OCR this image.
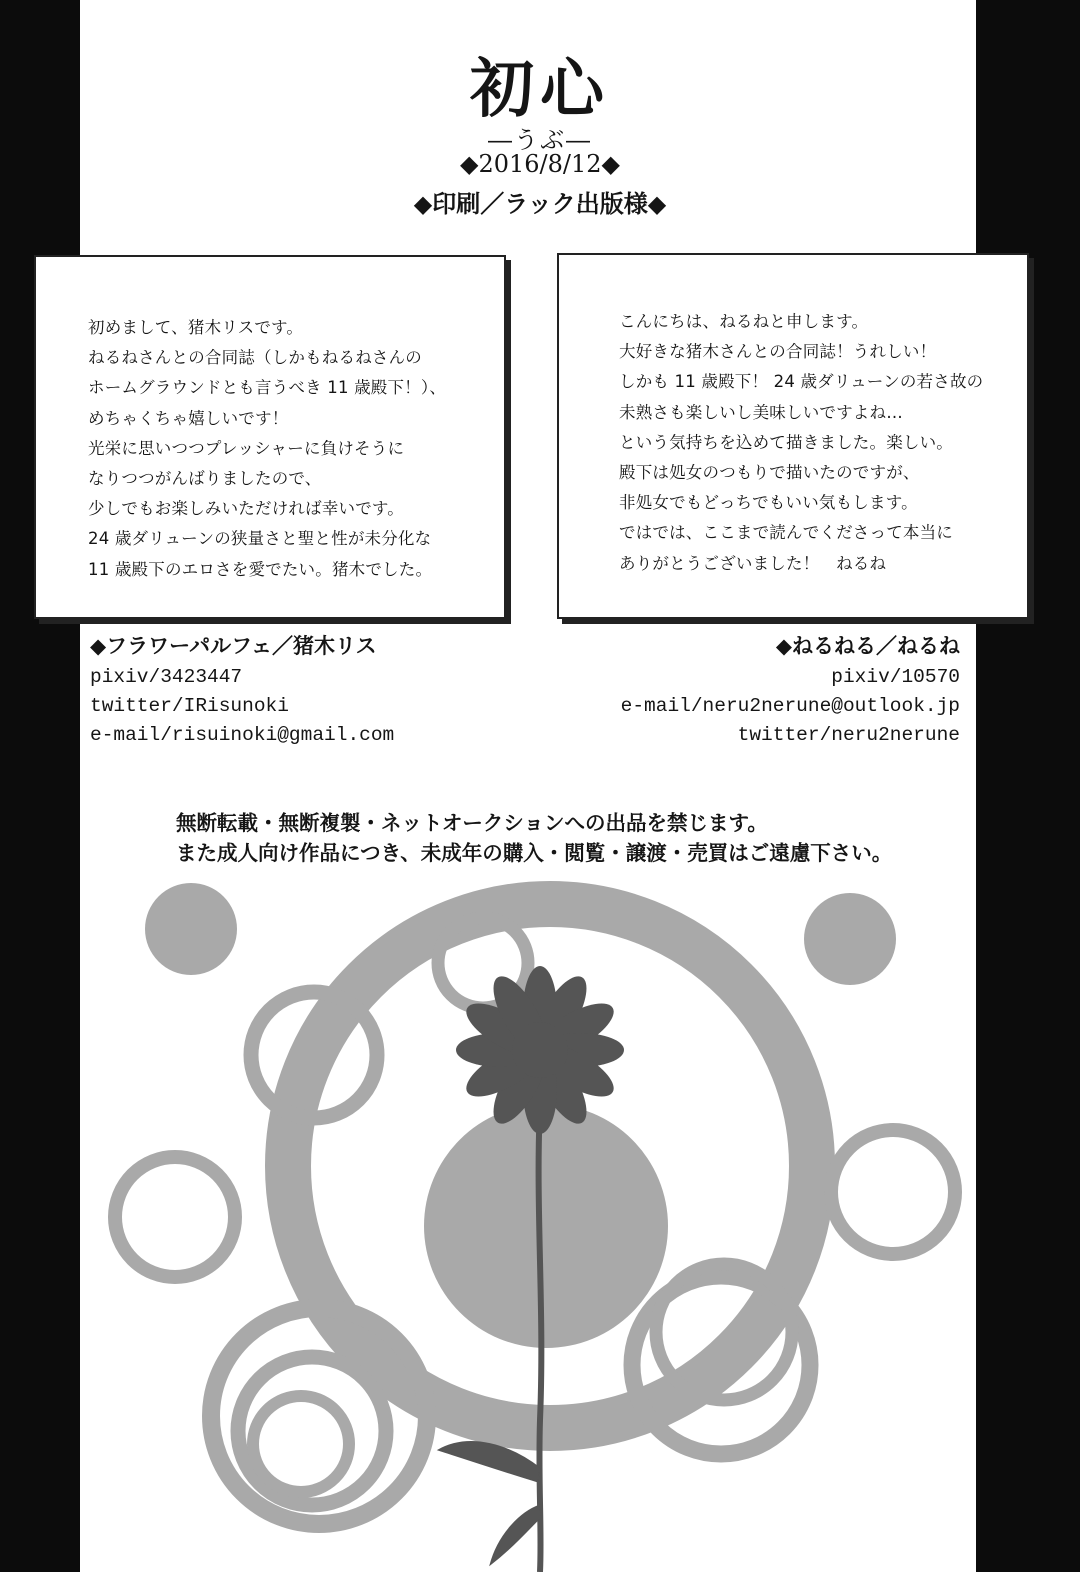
初心
―うぶ―
◆2016/8/12◆
◆印刷／ラック出版様◆
初めまして、猪木リスです。
ねるねさんとの合同誌（しかもねるねさんの
ホームグラウンドとも言うべき 11 歳殿下！）、
めちゃくちゃ嬉しいです！
光栄に思いつつプレッシャーに負けそうに
なりつつがんばりましたので、
少しでもお楽しみいただければ幸いです。
24 歳ダリューンの狭量さと聖と性が未分化な
11 歳殿下のエロさを愛でたい。猪木でした。
こんにちは、ねるねと申します。
大好きな猪木さんとの合同誌！うれしい！
しかも 11 歳殿下！ 24 歳ダリューンの若さ故の
未熟さも楽しいし美味しいですよね…
という気持ちを込めて描きました。楽しい。
殿下は処女のつもりで描いたのですが、
非処女でもどっちでもいい気もします。
ではでは、ここまで読んでくださって本当に
ありがとうございました！　ねるね
◆フラワーパルフェ／猪木リス
pixiv/3423447
twitter/IRisunoki
e-mail/risuinoki@gmail.com
◆ねるねる／ねるね
pixiv/10570
e-mail/neru2nerune@outlook.jp
twitter/neru2nerune
無断転載・無断複製・ネットオークションへの出品を禁じます。
また成人向け作品につき、未成年の購入・閲覧・譲渡・売買はご遠慮下さい。
